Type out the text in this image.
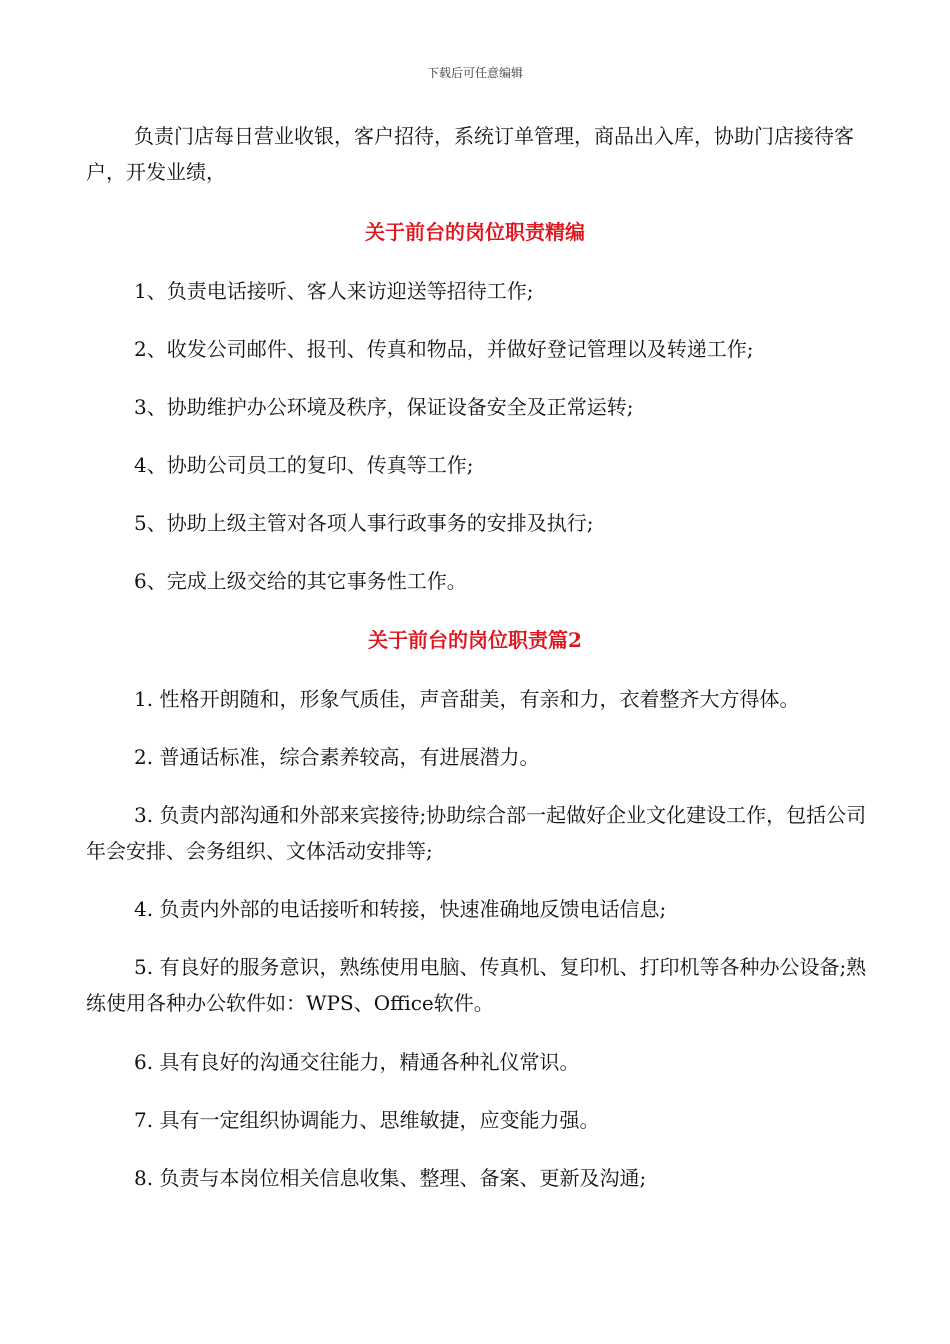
下载后可任意编辑

负责门店每日营业收银，客户招待，系统订单管理，商品出入库，协助门店接待客户，开发业绩，

关于前台的岗位职责精编

1、负责电话接听、客人来访迎送等招待工作;

2、收发公司邮件、报刊、传真和物品，并做好登记管理以及转递工作;

3、协助维护办公环境及秩序，保证设备安全及正常运转;

4、协助公司员工的复印、传真等工作;

5、协助上级主管对各项人事行政事务的安排及执行;

6、完成上级交给的其它事务性工作。

关于前台的岗位职责篇2

1. 性格开朗随和，形象气质佳，声音甜美，有亲和力，衣着整齐大方得体。

2. 普通话标准，综合素养较高，有进展潜力。

3. 负责内部沟通和外部来宾接待;协助综合部一起做好企业文化建设工作，包括公司年会安排、会务组织、文体活动安排等;

4. 负责内外部的电话接听和转接，快速准确地反馈电话信息;

5. 有良好的服务意识，熟练使用电脑、传真机、复印机、打印机等各种办公设备;熟练使用各种办公软件如：WPS、Office软件。

6. 具有良好的沟通交往能力，精通各种礼仪常识。

7. 具有一定组织协调能力、思维敏捷，应变能力强。

8. 负责与本岗位相关信息收集、整理、备案、更新及沟通;
